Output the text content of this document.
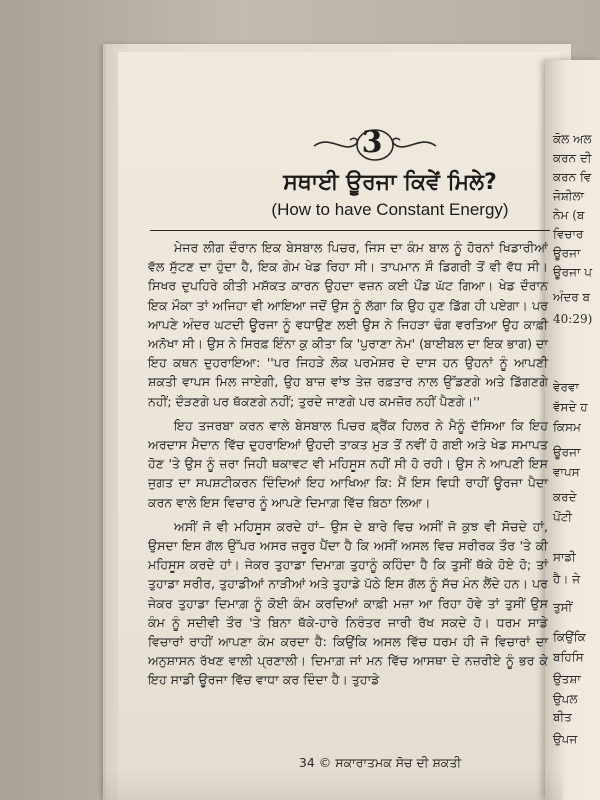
ਕੋਲ ਅਲ
ਕਰਨ ਦੀ
ਕਰਨ ਵਿ
ਜੋਸ਼ੀਲਾ
ਨੇਮ (ਬ
ਵਿਚਾਰ
ਊਰਜਾ
ਊਰਜਾ ਪ
ਅੰਦਰ ਬ
40:29)
ਵੇਰਵਾ
ਵੱਸਦੇ ਹ
ਕਿਸਮ
ਊਰਜਾ
ਵਾਪਸ
ਕਰਦੇ
ਪੋਂਟੀ
ਸਾਡੀ
ਹੈ। ਜੇ
ਤੁਸੀਂ
ਕਿਉਂਕਿ
ਬਹਿਸਿ
ਉਤਸ਼ਾ
ਉਪਲ
ਬੀਤ
ਉਪਜ
3
ਸਥਾਈ ਊਰਜਾ ਕਿਵੇਂ ਮਿਲੇ?
(How to have Constant Energy)

ਮੇਜਰ ਲੀਗ ਦੌਰਾਨ ਇਕ ਬੇਸਬਾਲ ਪਿਚਰ, ਜਿਸ ਦਾ ਕੰਮ ਬਾਲ ਨੂੰ ਹੋਰਨਾਂ ਖਿਡਾਰੀਆਂ ਵੱਲ ਸੁੱਟਣ ਦਾ ਹੁੰਦਾ ਹੈ, ਇਕ ਗੇਮ ਖੇਡ ਰਿਹਾ ਸੀ। ਤਾਪਮਾਨ ਸੌ ਡਿਗਰੀ ਤੋਂ ਵੀ ਵੱਧ ਸੀ। ਸਿਖਰ ਦੁਪਹਿਰੇ ਕੀਤੀ ਮਸ਼ੱਕਤ ਕਾਰਨ ਉਹਦਾ ਵਜ਼ਨ ਕਈ ਪੌਂਡ ਘੱਟ ਗਿਆ। ਖੇਡ ਦੌਰਾਨ ਇਕ ਮੌਕਾ ਤਾਂ ਅਜਿਹਾ ਵੀ ਆਇਆ ਜਦੋਂ ਉਸ ਨੂੰ ਲੱਗਾ ਕਿ ਉਹ ਹੁਣ ਡਿੱਗ ਹੀ ਪਏਗਾ। ਪਰ ਆਪਣੇ ਅੰਦਰ ਘਟਦੀ ਊਰਜਾ ਨੂੰ ਵਧਾਉਣ ਲਈ ਉਸ ਨੇ ਜਿਹੜਾ ਢੰਗ ਵਰਤਿਆ ਉਹ ਕਾਫ਼ੀ ਅਨੋਖਾ ਸੀ। ਉਸ ਨੇ ਸਿਰਫ਼ ਇੰਨਾ ਕੁ ਕੀਤਾ ਕਿ 'ਪੁਰਾਣਾ ਨੇਮ' (ਬਾਈਬਲ ਦਾ ਇਕ ਭਾਗ) ਦਾ ਇਹ ਕਥਨ ਦੁਹਰਾਇਆ: ''ਪਰ ਜਿਹੜੇ ਲੋਕ ਪਰਮੇਸ਼ਰ ਦੇ ਦਾਸ ਹਨ ਉਹਨਾਂ ਨੂੰ ਆਪਣੀ ਸ਼ਕਤੀ ਵਾਪਸ ਮਿਲ ਜਾਏਗੀ, ਉਹ ਬਾਜ਼ ਵਾਂਝ ਤੇਜ਼ ਰਫ਼ਤਾਰ ਨਾਲ ਉੱਡਣਗੇ ਅਤੇ ਡਿੱਗਣਗੇ ਨਹੀਂ; ਦੌੜਣਗੇ ਪਰ ਥੱਕਣਗੇ ਨਹੀਂ; ਤੁਰਦੇ ਜਾਣਗੇ ਪਰ ਕਮਜ਼ੋਰ ਨਹੀਂ ਪੈਣਗੇ।''

ਇਹ ਤਜਰਬਾ ਕਰਨ ਵਾਲੇ ਬੇਸਬਾਲ ਪਿਚਰ ਫ਼੍ਰੈਂਕ ਹਿਲਰ ਨੇ ਮੈਨੂੰ ਦੱਸਿਆ ਕਿ ਇਹ ਅਰਦਾਸ ਮੈਦਾਨ ਵਿੱਚ ਦੁਹਰਾਇਆਂ ਉਹਦੀ ਤਾਕਤ ਮੁੜ ਤੋਂ ਨਵੀਂ ਹੋ ਗਈ ਅਤੇ ਖੇਡ ਸਮਾਪਤ ਹੋਣ 'ਤੇ ਉਸ ਨੂੰ ਜ਼ਰਾ ਜਿਹੀ ਥਕਾਵਟ ਵੀ ਮਹਿਸੂਸ ਨਹੀਂ ਸੀ ਹੋ ਰਹੀ। ਉਸ ਨੇ ਆਪਣੀ ਇਸ ਜੁਗਤ ਦਾ ਸਪਸ਼ਟੀਕਰਨ ਦਿੰਦਿਆਂ ਇਹ ਆਖਿਆ ਕਿ: ਮੈਂ ਇਸ ਵਿਧੀ ਰਾਹੀਂ ਊਰਜਾ ਪੈਦਾ ਕਰਨ ਵਾਲੇ ਇਸ ਵਿਚਾਰ ਨੂੰ ਆਪਣੇ ਦਿਮਾਗ਼ ਵਿੱਚ ਬਿਠਾ ਲਿਆ।

ਅਸੀਂ ਜੋ ਵੀ ਮਹਿਸੂਸ ਕਰਦੇ ਹਾਂ– ਉਸ ਦੇ ਬਾਰੇ ਵਿਚ ਅਸੀਂ ਜੋ ਕੁਝ ਵੀ ਸੋਚਦੇ ਹਾਂ, ਉਸਦਾ ਇਸ ਗੱਲ ਉੱਪਰ ਅਸਰ ਜ਼ਰੂਰ ਪੈਂਦਾ ਹੈ ਕਿ ਅਸੀਂ ਅਸਲ ਵਿਚ ਸਰੀਰਕ ਤੌਰ 'ਤੇ ਕੀ ਮਹਿਸੂਸ ਕਰਦੇ ਹਾਂ। ਜੇਕਰ ਤੁਹਾਡਾ ਦਿਮਾਗ਼ ਤੁਹਾਨੂੰ ਕਹਿੰਦਾ ਹੈ ਕਿ ਤੁਸੀਂ ਥੱਕੇ ਹੋਏ ਹੋ; ਤਾਂ ਤੁਹਾਡਾ ਸਰੀਰ, ਤੁਹਾਡੀਆਂ ਨਾੜੀਆਂ ਅਤੇ ਤੁਹਾਡੇ ਪੱਠੇ ਇਸ ਗੱਲ ਨੂੰ ਸੱਚ ਮੰਨ ਲੈਂਦੇ ਹਨ। ਪਰ ਜੇਕਰ ਤੁਹਾਡਾ ਦਿਮਾਗ਼ ਨੂੰ ਕੋਈ ਕੰਮ ਕਰਦਿਆਂ ਕਾਫ਼ੀ ਮਜ਼ਾ ਆ ਰਿਹਾ ਹੋਵੇ ਤਾਂ ਤੁਸੀਂ ਉਸ ਕੰਮ ਨੂੰ ਸਦੀਵੀ ਤੌਰ 'ਤੇ ਬਿਨਾ ਥੱਕੇ-ਹਾਰੇ ਨਿਰੰਤਰ ਜਾਰੀ ਰੱਖ ਸਕਦੇ ਹੋ। ਧਰਮ ਸਾਡੇ ਵਿਚਾਰਾਂ ਰਾਹੀਂ ਆਪਣਾ ਕੰਮ ਕਰਦਾ ਹੈ: ਕਿਉਂਕਿ ਅਸਲ ਵਿੱਚ ਧਰਮ ਹੀ ਜੋ ਵਿਚਾਰਾਂ ਦਾ ਅਨੁਸ਼ਾਸਨ ਰੱਖਣ ਵਾਲੀ ਪ੍ਰਣਾਲੀ। ਦਿਮਾਗ਼ ਜਾਂ ਮਨ ਵਿੱਚ ਆਸਥਾ ਦੇ ਨਜ਼ਰੀਏ ਨੂੰ ਭਰ ਕੇ ਇਹ ਸਾਡੀ ਊਰਜਾ ਵਿੱਚ ਵਾਧਾ ਕਰ ਦਿੰਦਾ ਹੈ। ਤੁਹਾਡੇ

34 © ਸਕਾਰਾਤਮਕ ਸੋਚ ਦੀ ਸ਼ਕਤੀ
